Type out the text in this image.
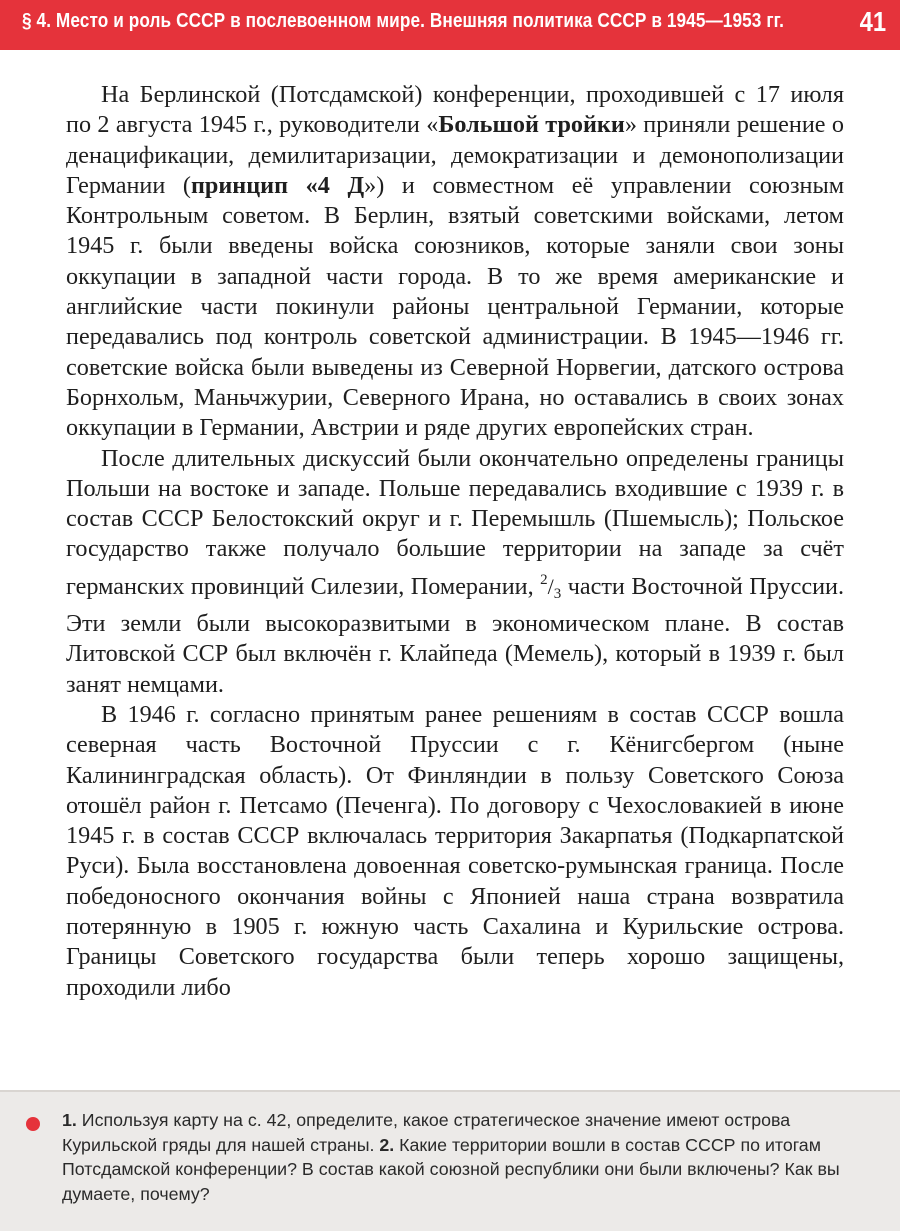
§ 4. Место и роль СССР в послевоенном мире. Внешняя политика СССР в 1945—1953 гг.	41

На Берлинской (Потсдамской) конференции, проходившей с 17 июля по 2 августа 1945 г., руководители «Большой тройки» приняли решение о денацификации, демилитаризации, демократизации и демонополизации Германии (принцип «4 Д») и совместном её управлении союзным Контрольным советом. В Берлин, взятый советскими войсками, летом 1945 г. были введены войска союзников, которые заняли свои зоны оккупации в западной части города. В то же время американские и английские части покинули районы центральной Германии, которые передавались под контроль советской администрации. В 1945—1946 гг. советские войска были выведены из Северной Норвегии, датского острова Борнхольм, Маньчжурии, Северного Ирана, но оставались в своих зонах оккупации в Германии, Австрии и ряде других европейских стран.

После длительных дискуссий были окончательно определены границы Польши на востоке и западе. Польше передавались входившие с 1939 г. в состав СССР Белостокский округ и г. Перемышль (Пшемысль); Польское государство также получало большие территории на западе за счёт германских провинций Силезии, Померании, 2/3 части Восточной Пруссии. Эти земли были высокоразвитыми в экономическом плане. В состав Литовской ССР был включён г. Клайпеда (Мемель), который в 1939 г. был занят немцами.

В 1946 г. согласно принятым ранее решениям в состав СССР вошла северная часть Восточной Пруссии с г. Кёнигсбергом (ныне Калининградская область). От Финляндии в пользу Советского Союза отошёл район г. Петсамо (Печенга). По договору с Чехословакией в июне 1945 г. в состав СССР включалась территория Закарпатья (Подкарпатской Руси). Была восстановлена довоенная советско-румынская граница. После победоносного окончания войны с Японией наша страна возвратила потерянную в 1905 г. южную часть Сахалина и Курильские острова. Границы Советского государства были теперь хорошо защищены, проходили либо

1. Используя карту на с. 42, определите, какое стратегическое значение имеют острова Курильской гряды для нашей страны. 2. Какие территории вошли в состав СССР по итогам Потсдамской конференции? В состав какой союзной республики они были включены? Как вы думаете, почему?
